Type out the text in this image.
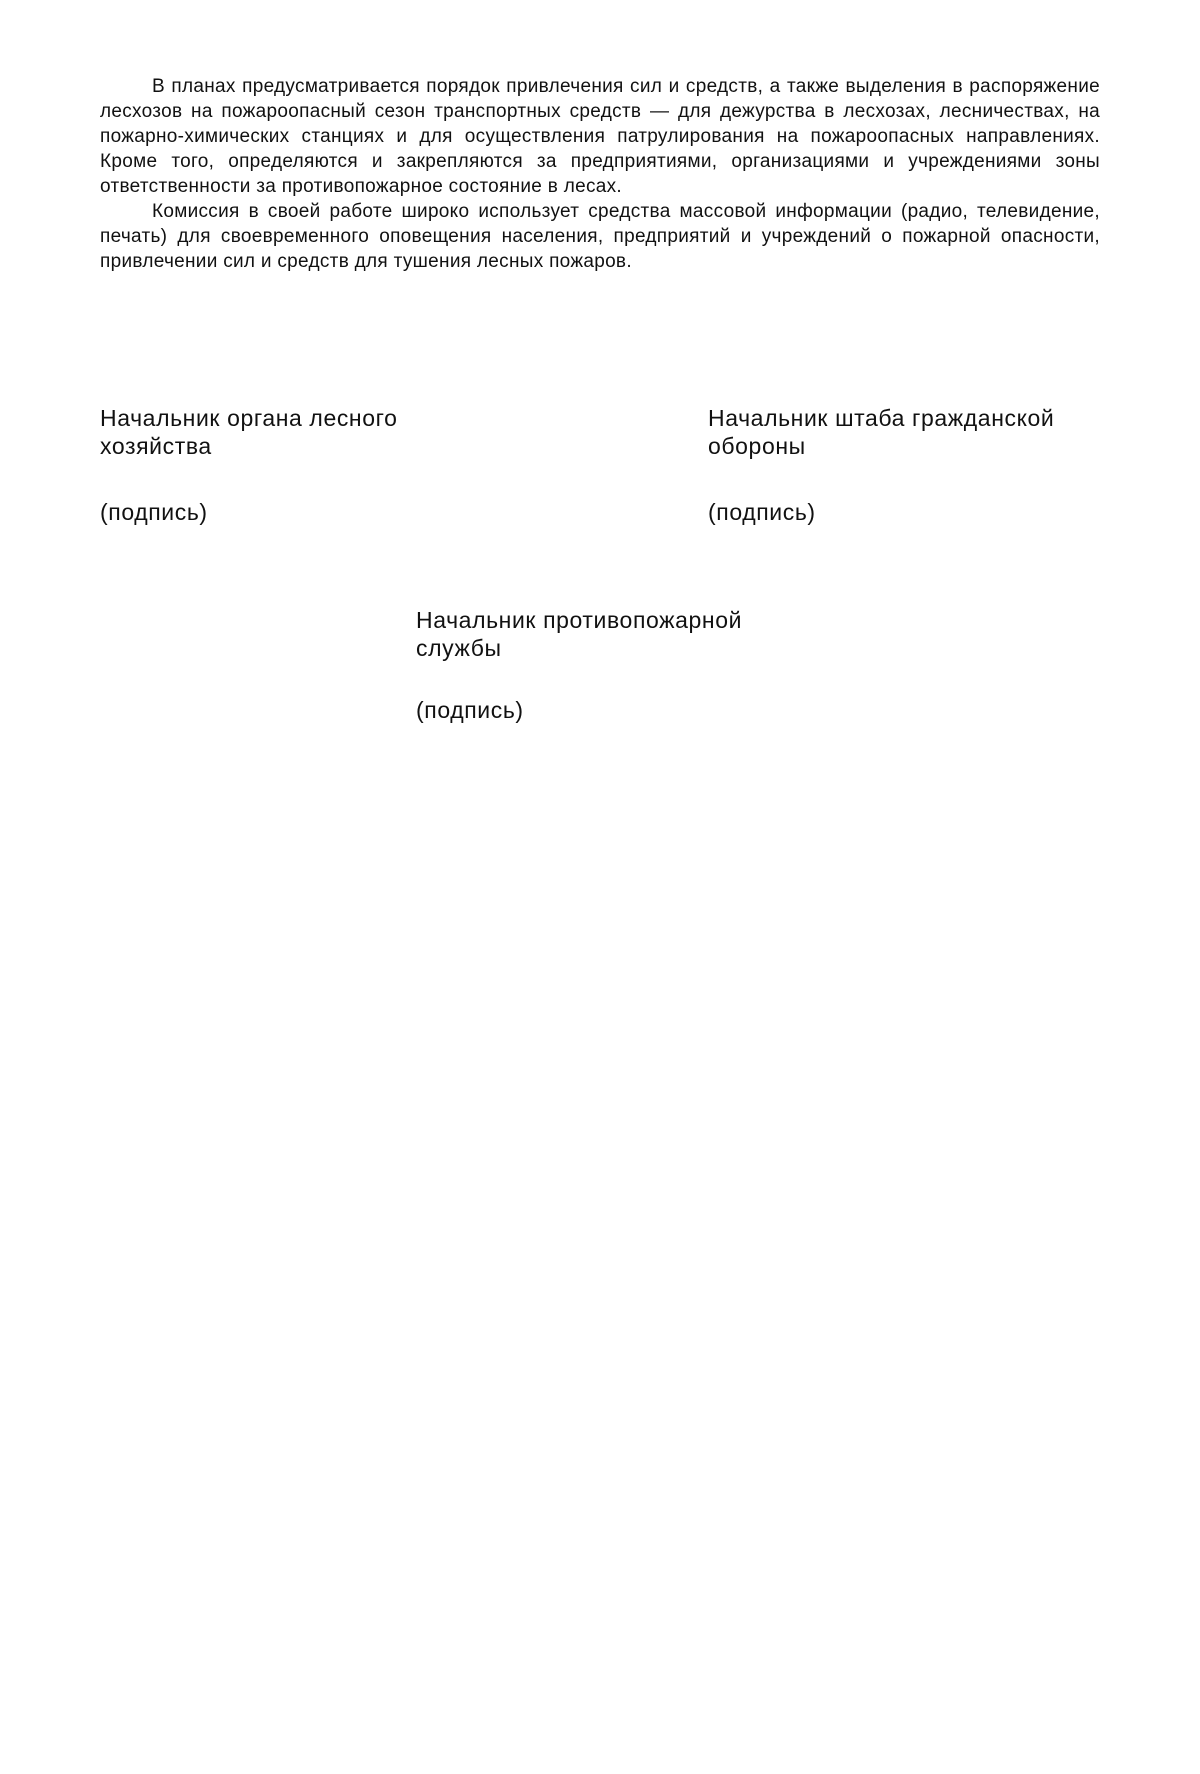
В планах предусматривается порядок привлечения сил и средств, а также выделения в распоряжение лесхозов на пожароопасный сезон транспортных средств — для дежурства в лесхозах, лесничествах, на пожарно-химических станциях и для осуществления патрулирования на пожароопасных направлениях. Кроме того, определяются и закрепляются за предприятиями, организациями и учреждениями зоны ответственности за противопожарное состояние в лесах.

Комиссия в своей работе широко использует средства массовой информации (радио, телевидение, печать) для своевременного оповещения населения, предприятий и учреждений о пожарной опасности, привлечении сил и средств для тушения лесных пожаров.

Начальник органа лесного
хозяйства
(подпись)
Начальник штаба гражданской
обороны
(подпись)
Начальник противопожарной
службы
(подпись)
